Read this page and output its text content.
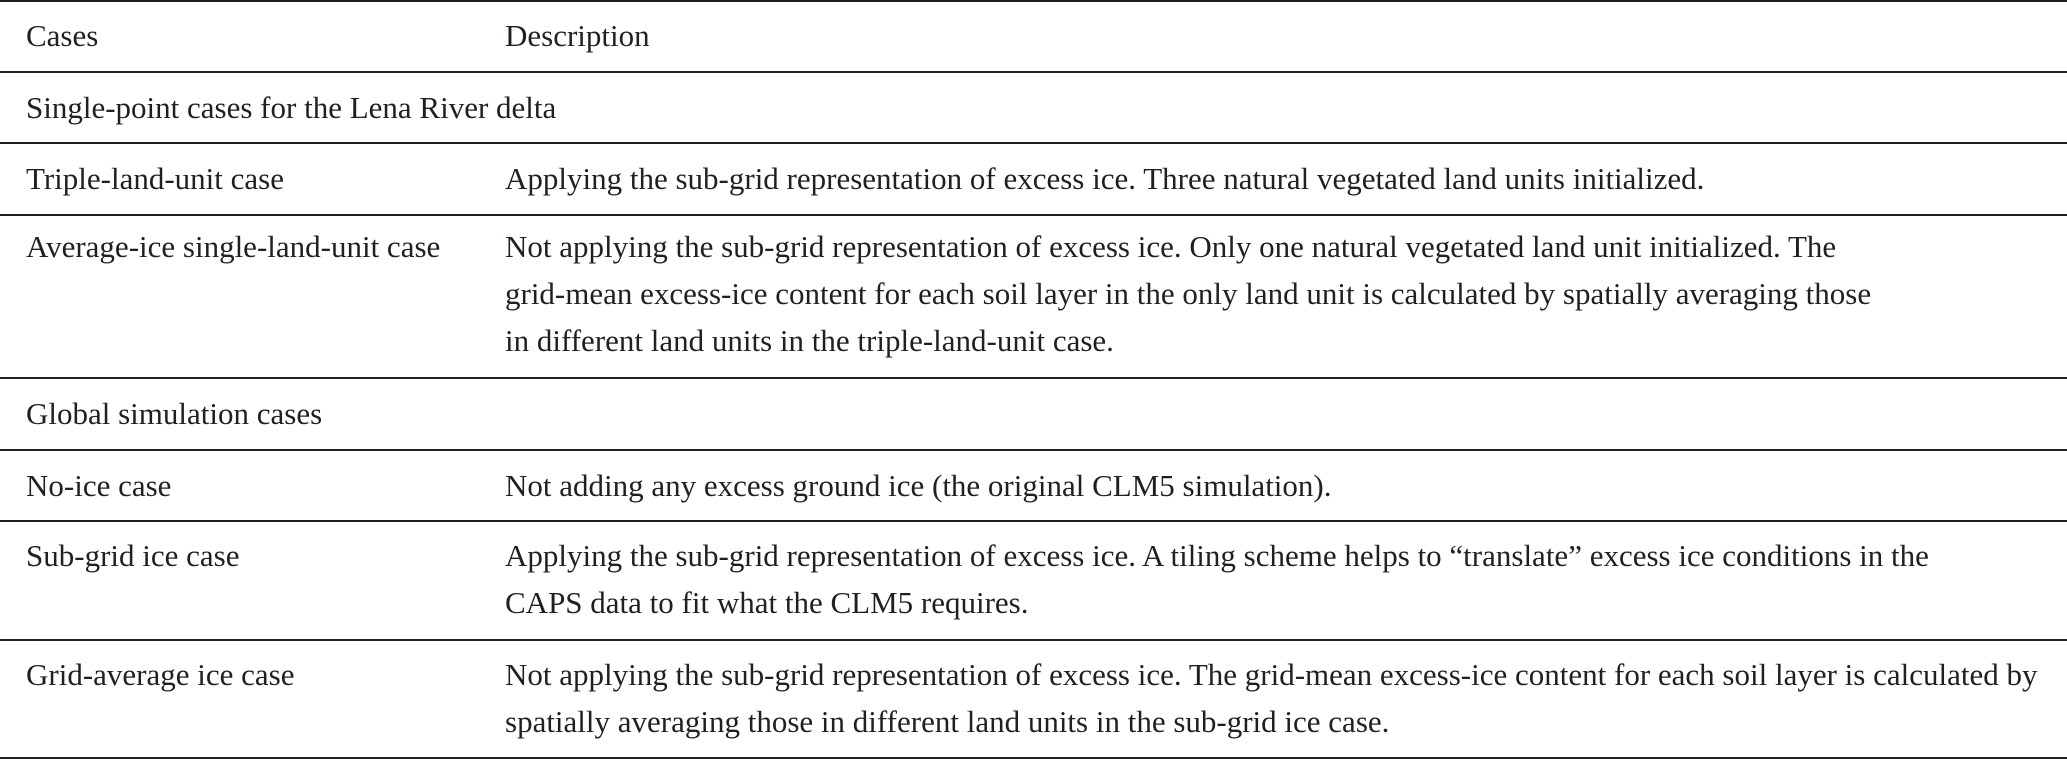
Cases	Description
Single-point cases for the Lena River delta
Triple-land-unit case	Applying the sub-grid representation of excess ice. Three natural vegetated land units initialized.
Average-ice single-land-unit case	Not applying the sub-grid representation of excess ice. Only one natural vegetated land unit initialized. The grid-mean excess-ice content for each soil layer in the only land unit is calculated by spatially averaging those in different land units in the triple-land-unit case.
Global simulation cases
No-ice case	Not adding any excess ground ice (the original CLM5 simulation).
Sub-grid ice case	Applying the sub-grid representation of excess ice. A tiling scheme helps to “translate” excess ice conditions in the CAPS data to fit what the CLM5 requires.
Grid-average ice case	Not applying the sub-grid representation of excess ice. The grid-mean excess-ice content for each soil layer is calculated by spatially averaging those in different land units in the sub-grid ice case.
